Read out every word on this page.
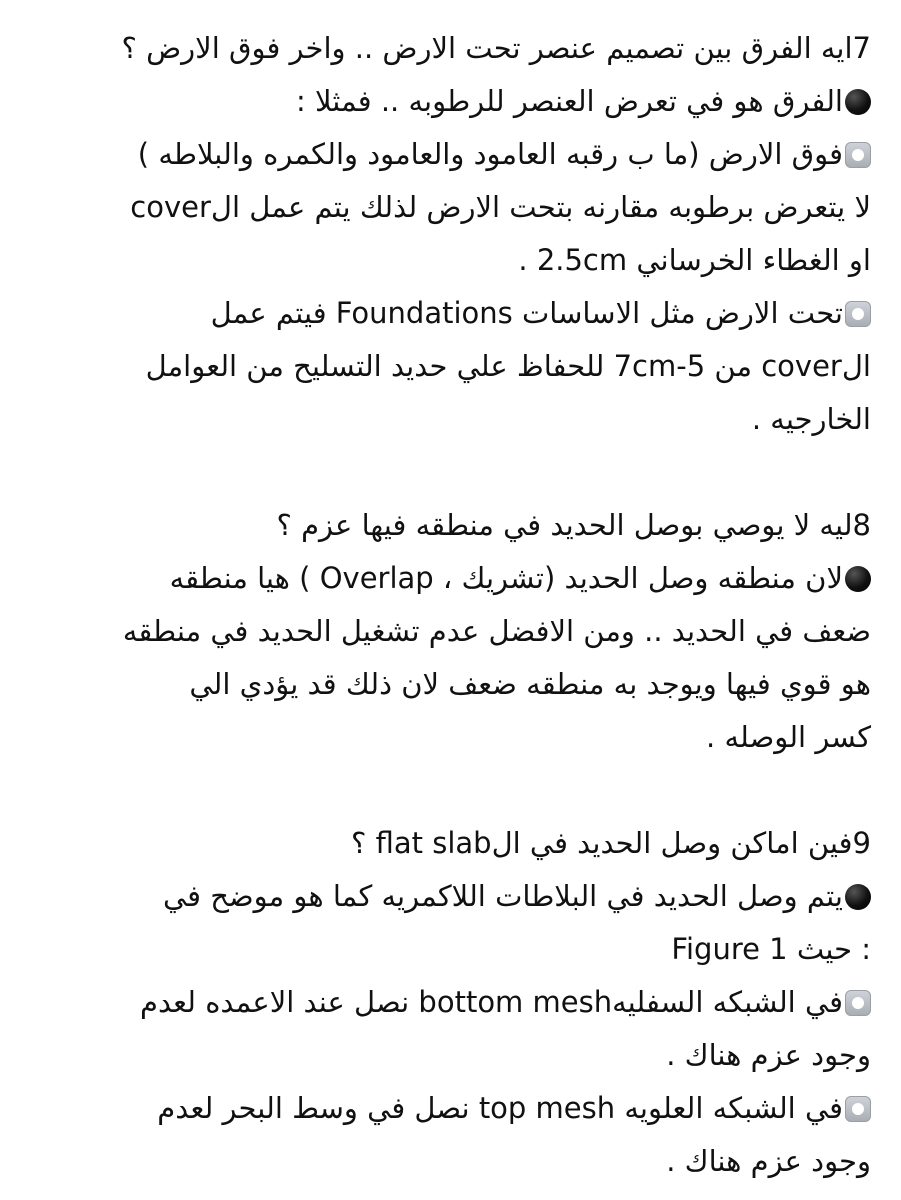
7ايه الفرق بين تصميم عنصر تحت الارض .. واخر فوق الارض ؟
الفرق هو في تعرض العنصر للرطوبه .. فمثلا :
فوق الارض (ما ب رقبه العامود والعامود والكمره والبلاطه )
لا يتعرض برطوبه مقارنه بتحت الارض لذلك يتم عمل الcover
او الغطاء الخرساني 2.5cm .
تحت الارض مثل الاساسات Foundations فيتم عمل
الcover من 5-7cm للحفاظ علي حديد التسليح من العوامل
الخارجيه .
8ليه لا يوصي بوصل الحديد في منطقه فيها عزم ؟
لان منطقه وصل الحديد (تشريك ، Overlap ) هيا منطقه
ضعف في الحديد .. ومن الافضل عدم تشغيل الحديد في منطقه
هو قوي فيها ويوجد به منطقه ضعف لان ذلك قد يؤدي الي
كسر الوصله .
9فين اماكن وصل الحديد في الflat slab ؟
يتم وصل الحديد في البلاطات اللاكمريه كما هو موضح في
Figure 1 حيث :
في الشبكه السفليهbottom mesh نصل عند الاعمده لعدم
وجود عزم هناك .
في الشبكه العلويه top mesh نصل في وسط البحر لعدم
وجود عزم هناك .
